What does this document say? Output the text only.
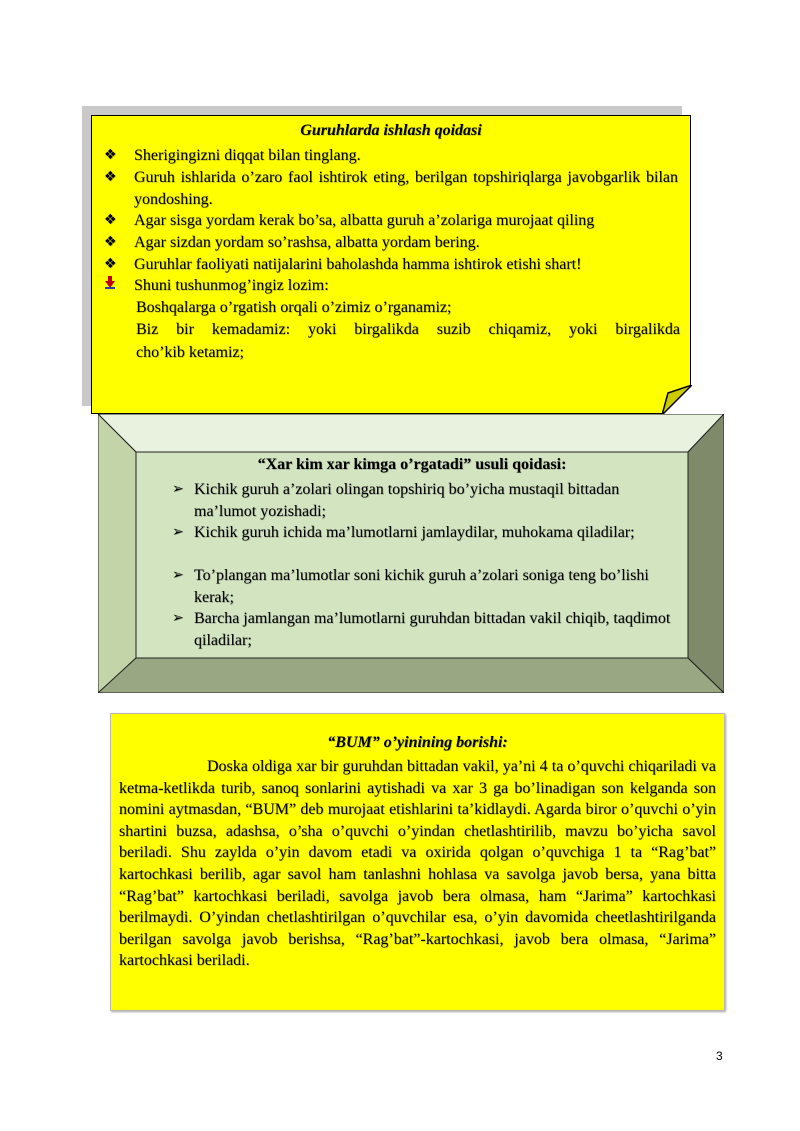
Guruhlarda ishlash qoidasi
❖	Sherigingizni diqqat bilan tinglang.
❖	Guruh ishlarida o’zaro faol ishtirok eting, berilgan topshiriqlarga javobgarlik bilan yondoshing.
❖	Agar sisga yordam kerak bo’sa, albatta guruh a’zolariga murojaat qiling
❖	Agar sizdan yordam so’rashsa, albatta yordam bering.
❖	Guruhlar faoliyati natijalarini baholashda hamma ishtirok etishi shart!
Shuni tushunmog’ingiz lozim:
Boshqalarga o’rgatish orqali o’zimiz o’rganamiz;
Biz bir kemadamiz: yoki birgalikda suzib chiqamiz, yoki birgalikda
cho’kib ketamiz;
“Xar kim xar kimga o’rgatadi” usuli qoidasi:
➢ Kichik guruh a’zolari olingan topshiriq bo’yicha mustaqil bittadan ma’lumot yozishadi;
➢ Kichik guruh ichida ma’lumotlarni jamlaydilar, muhokama qiladilar;
➢ To’plangan ma’lumotlar soni kichik guruh a’zolari soniga teng bo’lishi kerak;
➢ Barcha jamlangan ma’lumotlarni guruhdan bittadan vakil chiqib, taqdimot qiladilar;
“BUM” o’yinining borishi:
Doska oldiga xar bir guruhdan bittadan vakil, ya’ni 4 ta o’quvchi chiqariladi va ketma-ketlikda turib, sanoq sonlarini aytishadi va xar 3 ga bo’linadigan son kelganda son nomini aytmasdan, “BUM” deb murojaat etishlarini ta’kidlaydi. Agarda biror o’quvchi o’yin shartini buzsa, adashsa, o’sha o’quvchi o’yindan chetlashtirilib, mavzu bo’yicha savol beriladi. Shu zaylda o’yin davom etadi va oxirida qolgan o’quvchiga 1 ta “Rag’bat” kartochkasi berilib, agar savol ham tanlashni hohlasa va savolga javob bersa, yana bitta “Rag’bat” kartochkasi beriladi, savolga javob bera olmasa, ham “Jarima” kartochkasi berilmaydi. O’yindan chetlashtirilgan o’quvchilar esa, o’yin davomida cheetlashtirilganda berilgan savolga javob berishsa, “Rag’bat”-kartochkasi, javob bera olmasa, “Jarima” kartochkasi beriladi.
3
